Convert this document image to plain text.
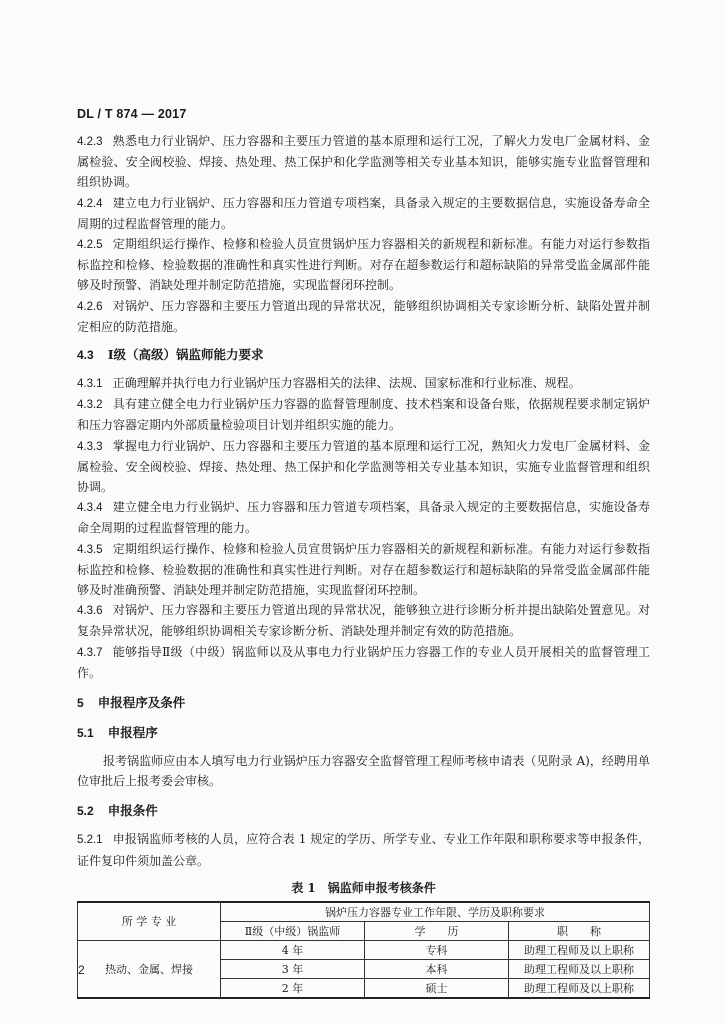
DL / T 874 — 2017

4.2.3 熟悉电力行业锅炉、压力容器和主要压力管道的基本原理和运行工况，了解火力发电厂金属材料、金属检验、安全阀校验、焊接、热处理、热工保护和化学监测等相关专业基本知识，能够实施专业监督管理和组织协调。

4.2.4 建立电力行业锅炉、压力容器和压力管道专项档案，具备录入规定的主要数据信息，实施设备寿命全周期的过程监督管理的能力。

4.2.5 定期组织运行操作、检修和检验人员宣贯锅炉压力容器相关的新规程和新标准。有能力对运行参数指标监控和检修、检验数据的准确性和真实性进行判断。对存在超参数运行和超标缺陷的异常受监金属部件能够及时预警、消缺处理并制定防范措施，实现监督闭环控制。

4.2.6 对锅炉、压力容器和主要压力管道出现的异常状况，能够组织协调相关专家诊断分析、缺陷处置并制定相应的防范措施。

4.3 Ⅰ级（高级）锅监师能力要求

4.3.1 正确理解并执行电力行业锅炉压力容器相关的法律、法规、国家标准和行业标准、规程。

4.3.2 具有建立健全电力行业锅炉压力容器的监督管理制度、技术档案和设备台账，依据规程要求制定锅炉和压力容器定期内外部质量检验项目计划并组织实施的能力。

4.3.3 掌握电力行业锅炉、压力容器和主要压力管道的基本原理和运行工况，熟知火力发电厂金属材料、金属检验、安全阀校验、焊接、热处理、热工保护和化学监测等相关专业基本知识，实施专业监督管理和组织协调。

4.3.4 建立健全电力行业锅炉、压力容器和压力管道专项档案，具备录入规定的主要数据信息，实施设备寿命全周期的过程监督管理的能力。

4.3.5 定期组织运行操作、检修和检验人员宣贯锅炉压力容器相关的新规程和新标准。有能力对运行参数指标监控和检修、检验数据的准确性和真实性进行判断。对存在超参数运行和超标缺陷的异常受监金属部件能够及时准确预警、消缺处理并制定防范措施，实现监督闭环控制。

4.3.6 对锅炉、压力容器和主要压力管道出现的异常状况，能够独立进行诊断分析并提出缺陷处置意见。对复杂异常状况，能够组织协调相关专家诊断分析、消缺处理并制定有效的防范措施。

4.3.7 能够指导Ⅱ级（中级）锅监师以及从事电力行业锅炉压力容器工作的专业人员开展相关的监督管理工作。

5 申报程序及条件

5.1 申报程序

报考锅监师应由本人填写电力行业锅炉压力容器安全监督管理工程师考核申请表（见附录 A)，经聘用单位审批后上报考委会审核。

5.2 申报条件

5.2.1 申报锅监师考核的人员，应符合表 1 规定的学历、所学专业、专业工作年限和职称要求等申报条件，证件复印件须加盖公章。

表 1　锅监师申报考核条件
所 学 专 业	锅炉压力容器专业工作年限、学历及职称要求		
	Ⅱ级（中级）锅监师	学　　历	职　　称
热动、金属、焊接	4 年	专科	助理工程师及以上职称
	3 年	本科	助理工程师及以上职称
	2 年	硕士	助理工程师及以上职称
2
